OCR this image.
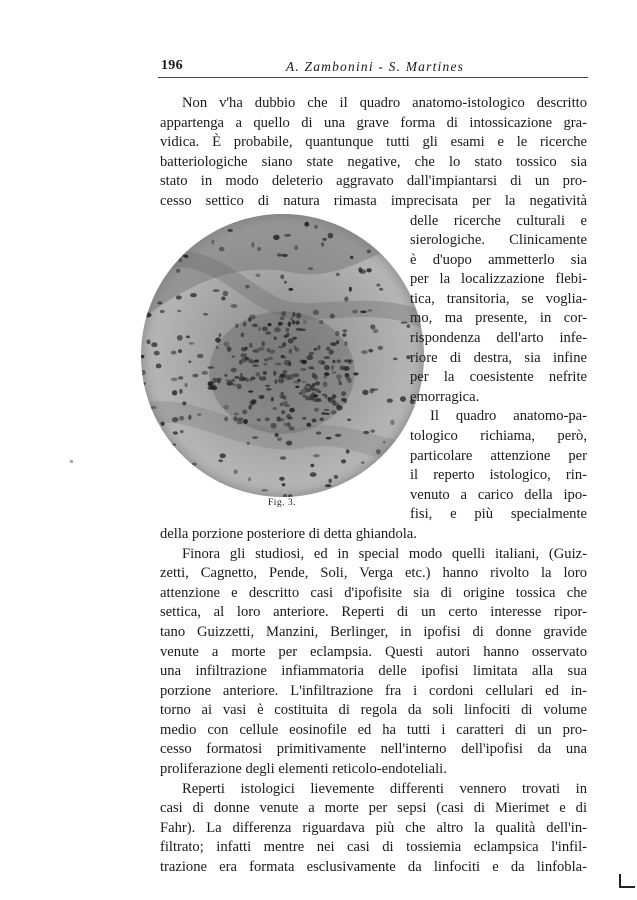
196	A. Zambonini - S. Martines
Fig. 3.
Non v'ha dubbio che il quadro anatomo-istologico descritto
appartenga a quello di una grave forma di intossicazione gra-
vidica. È probabile, quantunque tutti gli esami e le ricerche
batteriologiche siano state negative, che lo stato tossico sia
stato in modo deleterio aggravato dall'impiantarsi di un pro-
cesso settico di natura rimasta imprecisata per la negatività
delle ricerche culturali e
sierologiche. Clinicamente
è d'uopo ammetterlo sia
per la localizzazione flebi-
tica, transitoria, se voglia-
mo, ma presente, in cor-
rispondenza dell'arto infe-
riore di destra, sia infine
per la coesistente nefrite
emorragica.
Il quadro anatomo-pa-
tologico richiama, però,
particolare attenzione per
il reperto istologico, rin-
venuto a carico della ipo-
fisi, e più specialmente
della porzione posteriore di detta ghiandola.
Finora gli studiosi, ed in special modo quelli italiani, (Guiz-
zetti, Cagnetto, Pende, Soli, Verga etc.) hanno rivolto la loro
attenzione e descritto casi d'ipofisite sia di origine tossica che
settica, al loro anteriore. Reperti di un certo interesse ripor-
tano Guizzetti, Manzini, Berlinger, in ipofisi di donne gravide
venute a morte per eclampsia. Questi autori hanno osservato
una infiltrazione infiammatoria delle ipofisi limitata alla sua
porzione anteriore. L'infiltrazione fra i cordoni cellulari ed in-
torno ai vasi è costituita di regola da soli linfociti di volume
medio con cellule eosinofile ed ha tutti i caratteri di un pro-
cesso formatosi primitivamente nell'interno dell'ipofisi da una
proliferazione degli elementi reticolo-endoteliali.
Reperti istologici lievemente differenti vennero trovati in
casi di donne venute a morte per sepsi (casi di Mierimet e di
Fahr). La differenza riguardava più che altro la qualità dell'in-
filtrato; infatti mentre nei casi di tossiemia eclampsica l'infil-
trazione era formata esclusivamente da linfociti e da linfobla-
